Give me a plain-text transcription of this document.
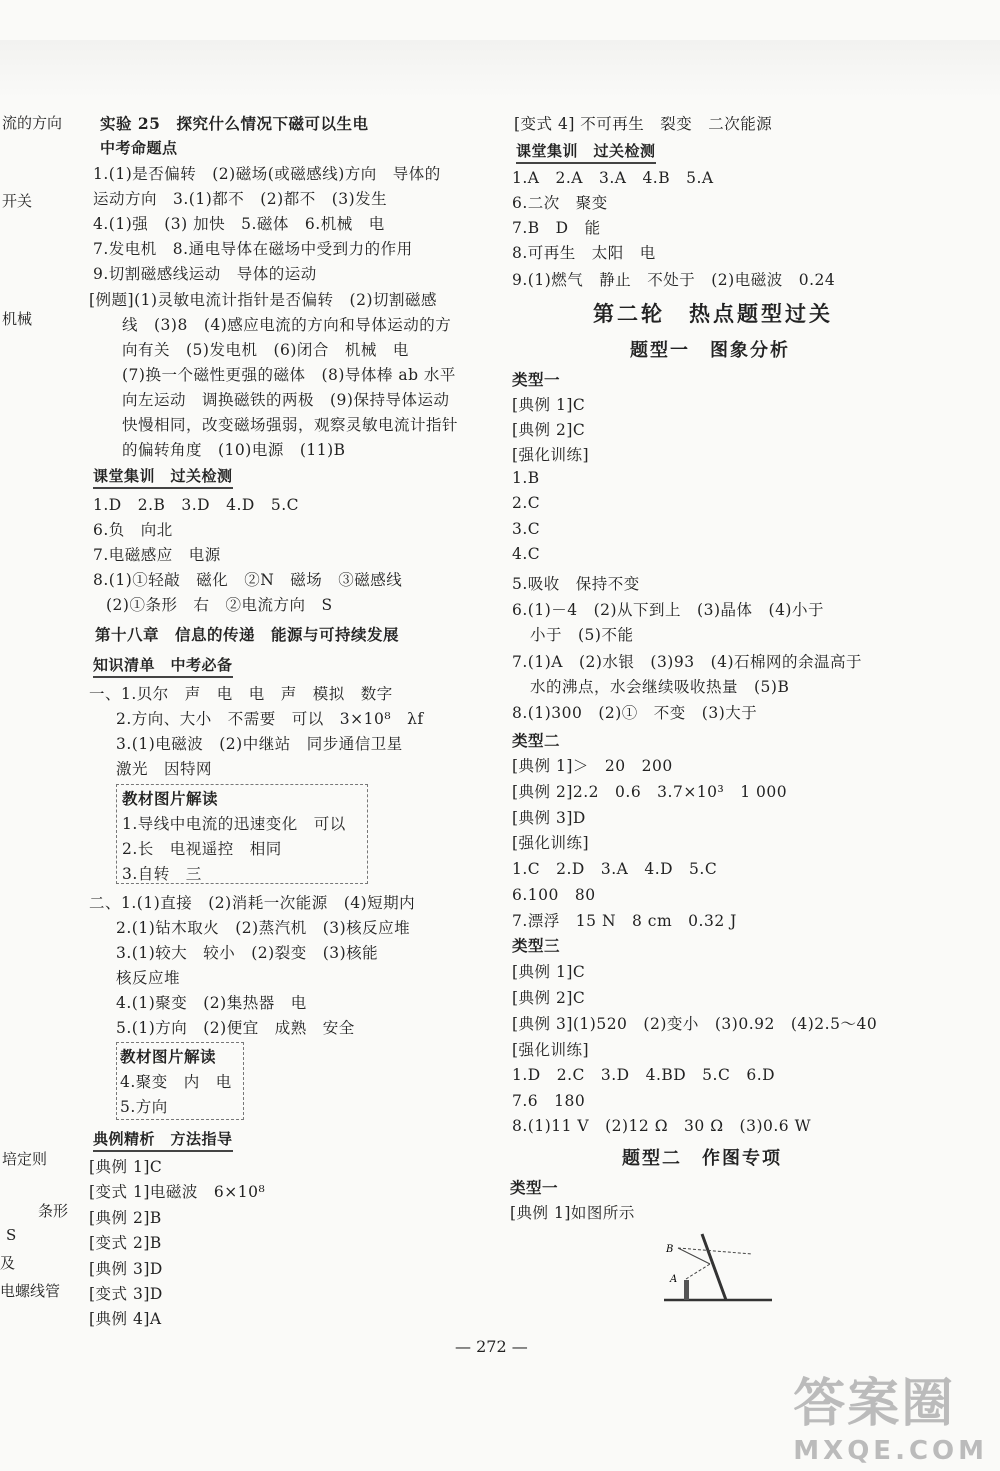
流的方向
开关
机械
培定则
条形
S
及
电螺线管
实验 25　探究什么情况下磁可以生电
中考命题点
1.(1)是否偏转　(2)磁场(或磁感线)方向　导体的
运动方向　3.(1)都不　(2)都不　(3)发生
4.(1)强　(3) 加快　5.磁体　6.机械　电
7.发电机　8.通电导体在磁场中受到力的作用
9.切割磁感线运动　导体的运动
[例题](1)灵敏电流计指针是否偏转　(2)切割磁感
线　(3)8　(4)感应电流的方向和导体运动的方
向有关　(5)发电机　(6)闭合　机械　电
(7)换一个磁性更强的磁体　(8)导体棒 ab 水平
向左运动　调换磁铁的两极　(9)保持导体运动
快慢相同，改变磁场强弱，观察灵敏电流计指针
的偏转角度　(10)电源　(11)B
课堂集训　过关检测
1.D　2.B　3.D　4.D　5.C
6.负　向北
7.电磁感应　电源
8.(1)①轻敲　磁化　②N　磁场　③磁感线
(2)①条形　右　②电流方向　S
第十八章　信息的传递　能源与可持续发展
知识清单　中考必备
一、1.贝尔　声　电　电　声　模拟　数字
2.方向、大小　不需要　可以　3×10⁸　λf
3.(1)电磁波　(2)中继站　同步通信卫星
激光　因特网
教材图片解读
1.导线中电流的迅速变化　可以
2.长　电视遥控　相同
3.自转　三
二、1.(1)直接　(2)消耗一次能源　(4)短期内
2.(1)钻木取火　(2)蒸汽机　(3)核反应堆
3.(1)较大　较小　(2)裂变　(3)核能
核反应堆
4.(1)聚变　(2)集热器　电
5.(1)方向　(2)便宜　成熟　安全
教材图片解读
4.聚变　内　电
5.方向
典例精析　方法指导
[典例 1]C
[变式 1]电磁波　6×10⁸
[典例 2]B
[变式 2]B
[典例 3]D
[变式 3]D
[典例 4]A
[变式 4] 不可再生　裂变　二次能源
课堂集训　过关检测
1.A　2.A　3.A　4.B　5.A
6.二次　聚变
7.B　D　能
8.可再生　太阳　电
9.(1)燃气　静止　不处于　(2)电磁波　0.24
第二轮　热点题型过关
题型一　图象分析
类型一
[典例 1]C
[典例 2]C
[强化训练]
1.B
2.C
3.C
4.C
5.吸收　保持不变
6.(1)－4　(2)从下到上　(3)晶体　(4)小于
小于　(5)不能
7.(1)A　(2)水银　(3)93　(4)石棉网的余温高于
水的沸点，水会继续吸收热量　(5)B
8.(1)300　(2)①　不变　(3)大于
类型二
[典例 1]＞　20　200
[典例 2]2.2　0.6　3.7×10³　1 000
[典例 3]D
[强化训练]
1.C　2.D　3.A　4.D　5.C
6.100　80
7.漂浮　15 N　8 cm　0.32 J
类型三
[典例 1]C
[典例 2]C
[典例 3](1)520　(2)变小　(3)0.92　(4)2.5～40
[强化训练]
1.D　2.C　3.D　4.BD　5.C　6.D
7.6　180
8.(1)11 V　(2)12 Ω　30 Ω　(3)0.6 W
题型二　作图专项
类型一
[典例 1]如图所示
B
A
— 272 —
答案圈
MXQE.COM
